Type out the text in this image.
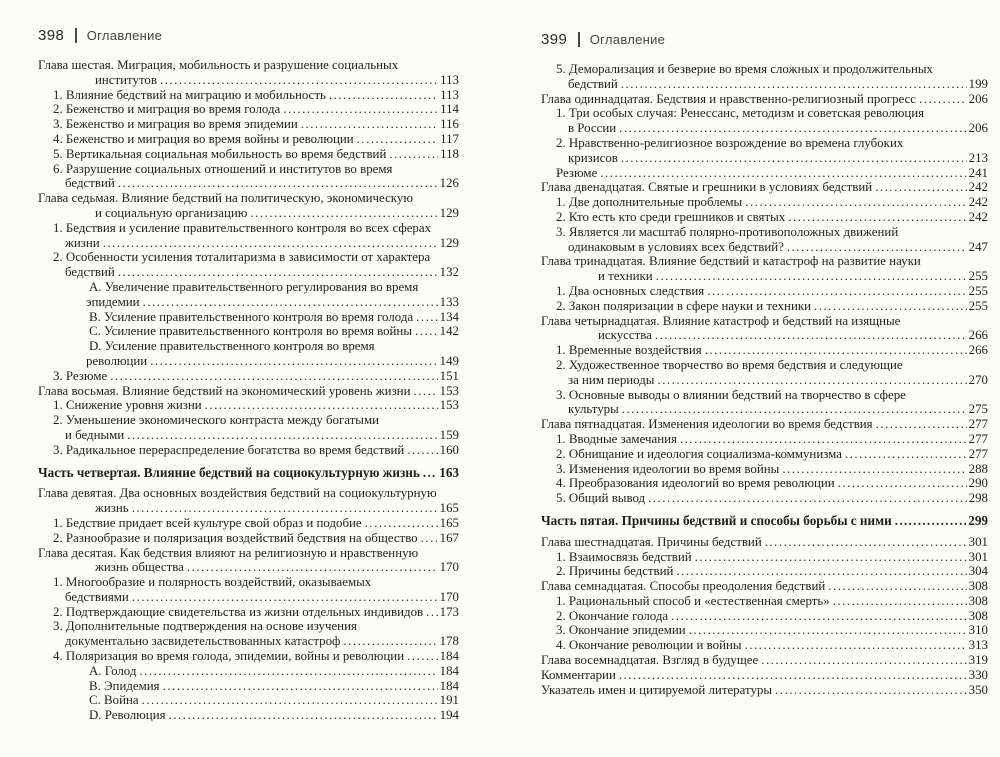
398 Оглавление
Глава шестая. Миграция, мобильность и разрушение социальных
институтов .....	113
1. Влияние бедствий на миграцию и мобильность .....	113
2. Беженство и миграция во время голода .....	114
3. Беженство и миграция во время эпидемии .....	116
4. Беженство и миграция во время войны и революции .....	117
5. Вертикальная социальная мобильность во время бедствий .....	118
6. Разрушение социальных отношений и институтов во время
бедствий .....	126
Глава седьмая. Влияние бедствий на политическую, экономическую
и социальную организацию .....	129
1. Бедствия и усиление правительственного контроля во всех сферах
жизни .....	129
2. Особенности усиления тоталитаризма в зависимости от характера
бедствий .....	132
A. Увеличение правительственного регулирования во время
эпидемии .....	133
B. Усиление правительственного контроля во время голода ..... 134
C. Усиление правительственного контроля во время войны ..... 142
D. Усиление правительственного контроля во время
революции .....	149
3. Резюме .....	151
Глава восьмая. Влияние бедствий на экономический уровень жизни ..... 153
1. Снижение уровня жизни .....	153
2. Уменьшение экономического контраста между богатыми
и бедными .....	159
3. Радикальное перераспределение богатства во время бедствий .....	160
Часть четвертая. Влияние бедствий на социокультурную жизнь ..... 163
Глава девятая. Два основных воздействия бедствий на социокультурную
жизнь .....	165
1. Бедствие придает всей культуре свой образ и подобие .....	165
2. Разнообразие и поляризация воздействий бедствия на общество ..... 167
Глава десятая. Как бедствия влияют на религиозную и нравственную
жизнь общества .....	170
1. Многообразие и полярность воздействий, оказываемых
бедствиями .....	170
2. Подтверждающие свидетельства из жизни отдельных индивидов ..... 173
3. Дополнительные подтверждения на основе изучения
документально засвидетельствованных катастроф .....	178
4. Поляризация во время голода, эпидемии, войны и революции .....	184
A. Голод .....	184
B. Эпидемия .....	184
C. Война .....	191
D. Революция .....	194
399 Оглавление
5. Деморализация и безверие во время сложных и продолжительных
бедствий .....	199
Глава одиннадцатая. Бедствия и нравственно-религиозный прогресс .....	206
1. Три особых случая: Ренессанс, методизм и советская революция
в России .....	206
2. Нравственно-религиозное возрождение во времена глубоких
кризисов .....	213
Резюме .....	241
Глава двенадцатая. Святые и грешники в условиях бедствий .....	242
1. Две дополнительные проблемы .....	242
2. Кто есть кто среди грешников и святых .....	242
3. Является ли масштаб полярно-противоположных движений
одинаковым в условиях всех бедствий? .....	247
Глава тринадцатая. Влияние бедствий и катастроф на развитие науки
и техники .....	255
1. Два основных следствия .....	255
2. Закон поляризации в сфере науки и техники .....	255
Глава четырнадцатая. Влияние катастроф и бедствий на изящные
искусства .....	266
1. Временные воздействия .....	266
2. Художественное творчество во время бедствия и следующие
за ним периоды .....	270
3. Основные выводы о влиянии бедствий на творчество в сфере
культуры .....	275
Глава пятнадцатая. Изменения идеологии во время бедствия .....	277
1. Вводные замечания .....	277
2. Обнищание и идеология социализма-коммунизма .....	277
3. Изменения идеологии во время войны .....	288
4. Преобразования идеологий во время революции .....	290
5. Общий вывод .....	298
Часть пятая. Причины бедствий и способы борьбы с ними .....	299
Глава шестнадцатая. Причины бедствий .....	301
1. Взаимосвязь бедствий .....	301
2. Причины бедствий .....	304
Глава семнадцатая. Способы преодоления бедствий .....	308
1. Рациональный способ и «естественная смерть» .....	308
2. Окончание голода .....	308
3. Окончание эпидемии .....	310
4. Окончание революции и войны .....	313
Глава восемнадцатая. Взгляд в будущее .....	319
Комментарии .....	330
Указатель имен и цитируемой литературы .....	350
